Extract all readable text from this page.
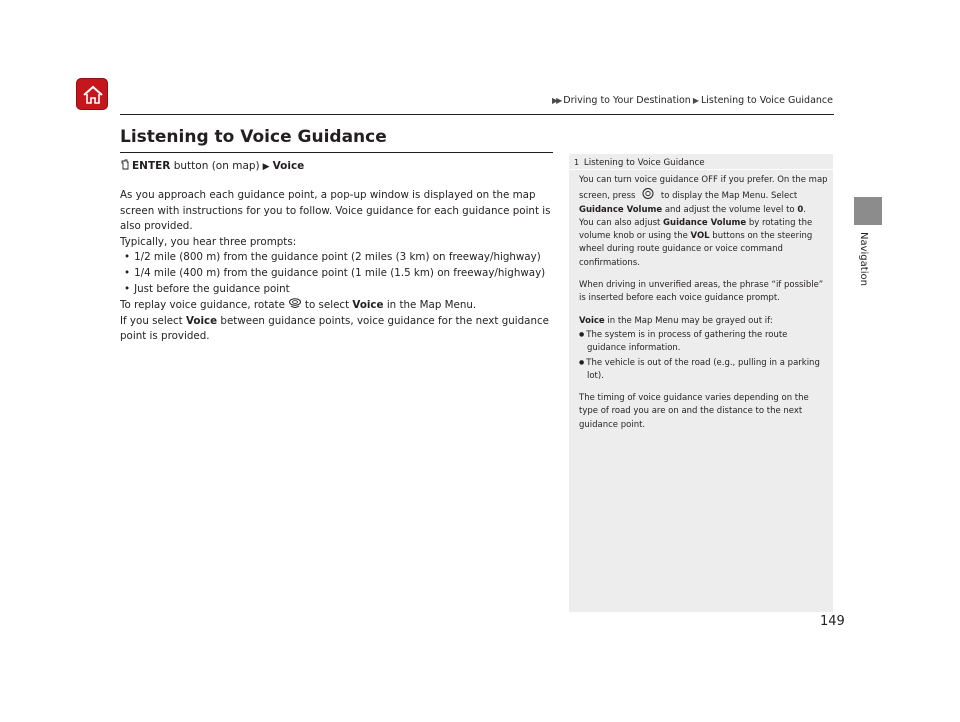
▶▶ Driving to Your Destination ▶ Listening to Voice Guidance
Navigation
Listening to Voice Guidance
ENTER button (on map) ▶ Voice

As you approach each guidance point, a pop-up window is displayed on the map screen with instructions for you to follow. Voice guidance for each guidance point is also provided.

Typically, you hear three prompts:

• 1/2 mile (800 m) from the guidance point (2 miles (3 km) on freeway/highway)

• 1/4 mile (400 m) from the guidance point (1 mile (1.5 km) on freeway/highway)

• Just before the guidance point

To replay voice guidance, rotate to select Voice in the Map Menu.

If you select Voice between guidance points, voice guidance for the next guidance point is provided.

1 Listening to Voice Guidance

You can turn voice guidance OFF if you prefer. On the map screen, press	to display the Map Menu. Select Guidance Volume and adjust the volume level to 0.

You can also adjust Guidance Volume by rotating the volume knob or using the VOL buttons on the steering wheel during route guidance or voice command confirmations.

When driving in unverified areas, the phrase “if possible” is inserted before each voice guidance prompt.

Voice in the Map Menu may be grayed out if:

● The system is in process of gathering the route guidance information.

● The vehicle is out of the road (e.g., pulling in a parking lot).

The timing of voice guidance varies depending on the type of road you are on and the distance to the next guidance point.

149
